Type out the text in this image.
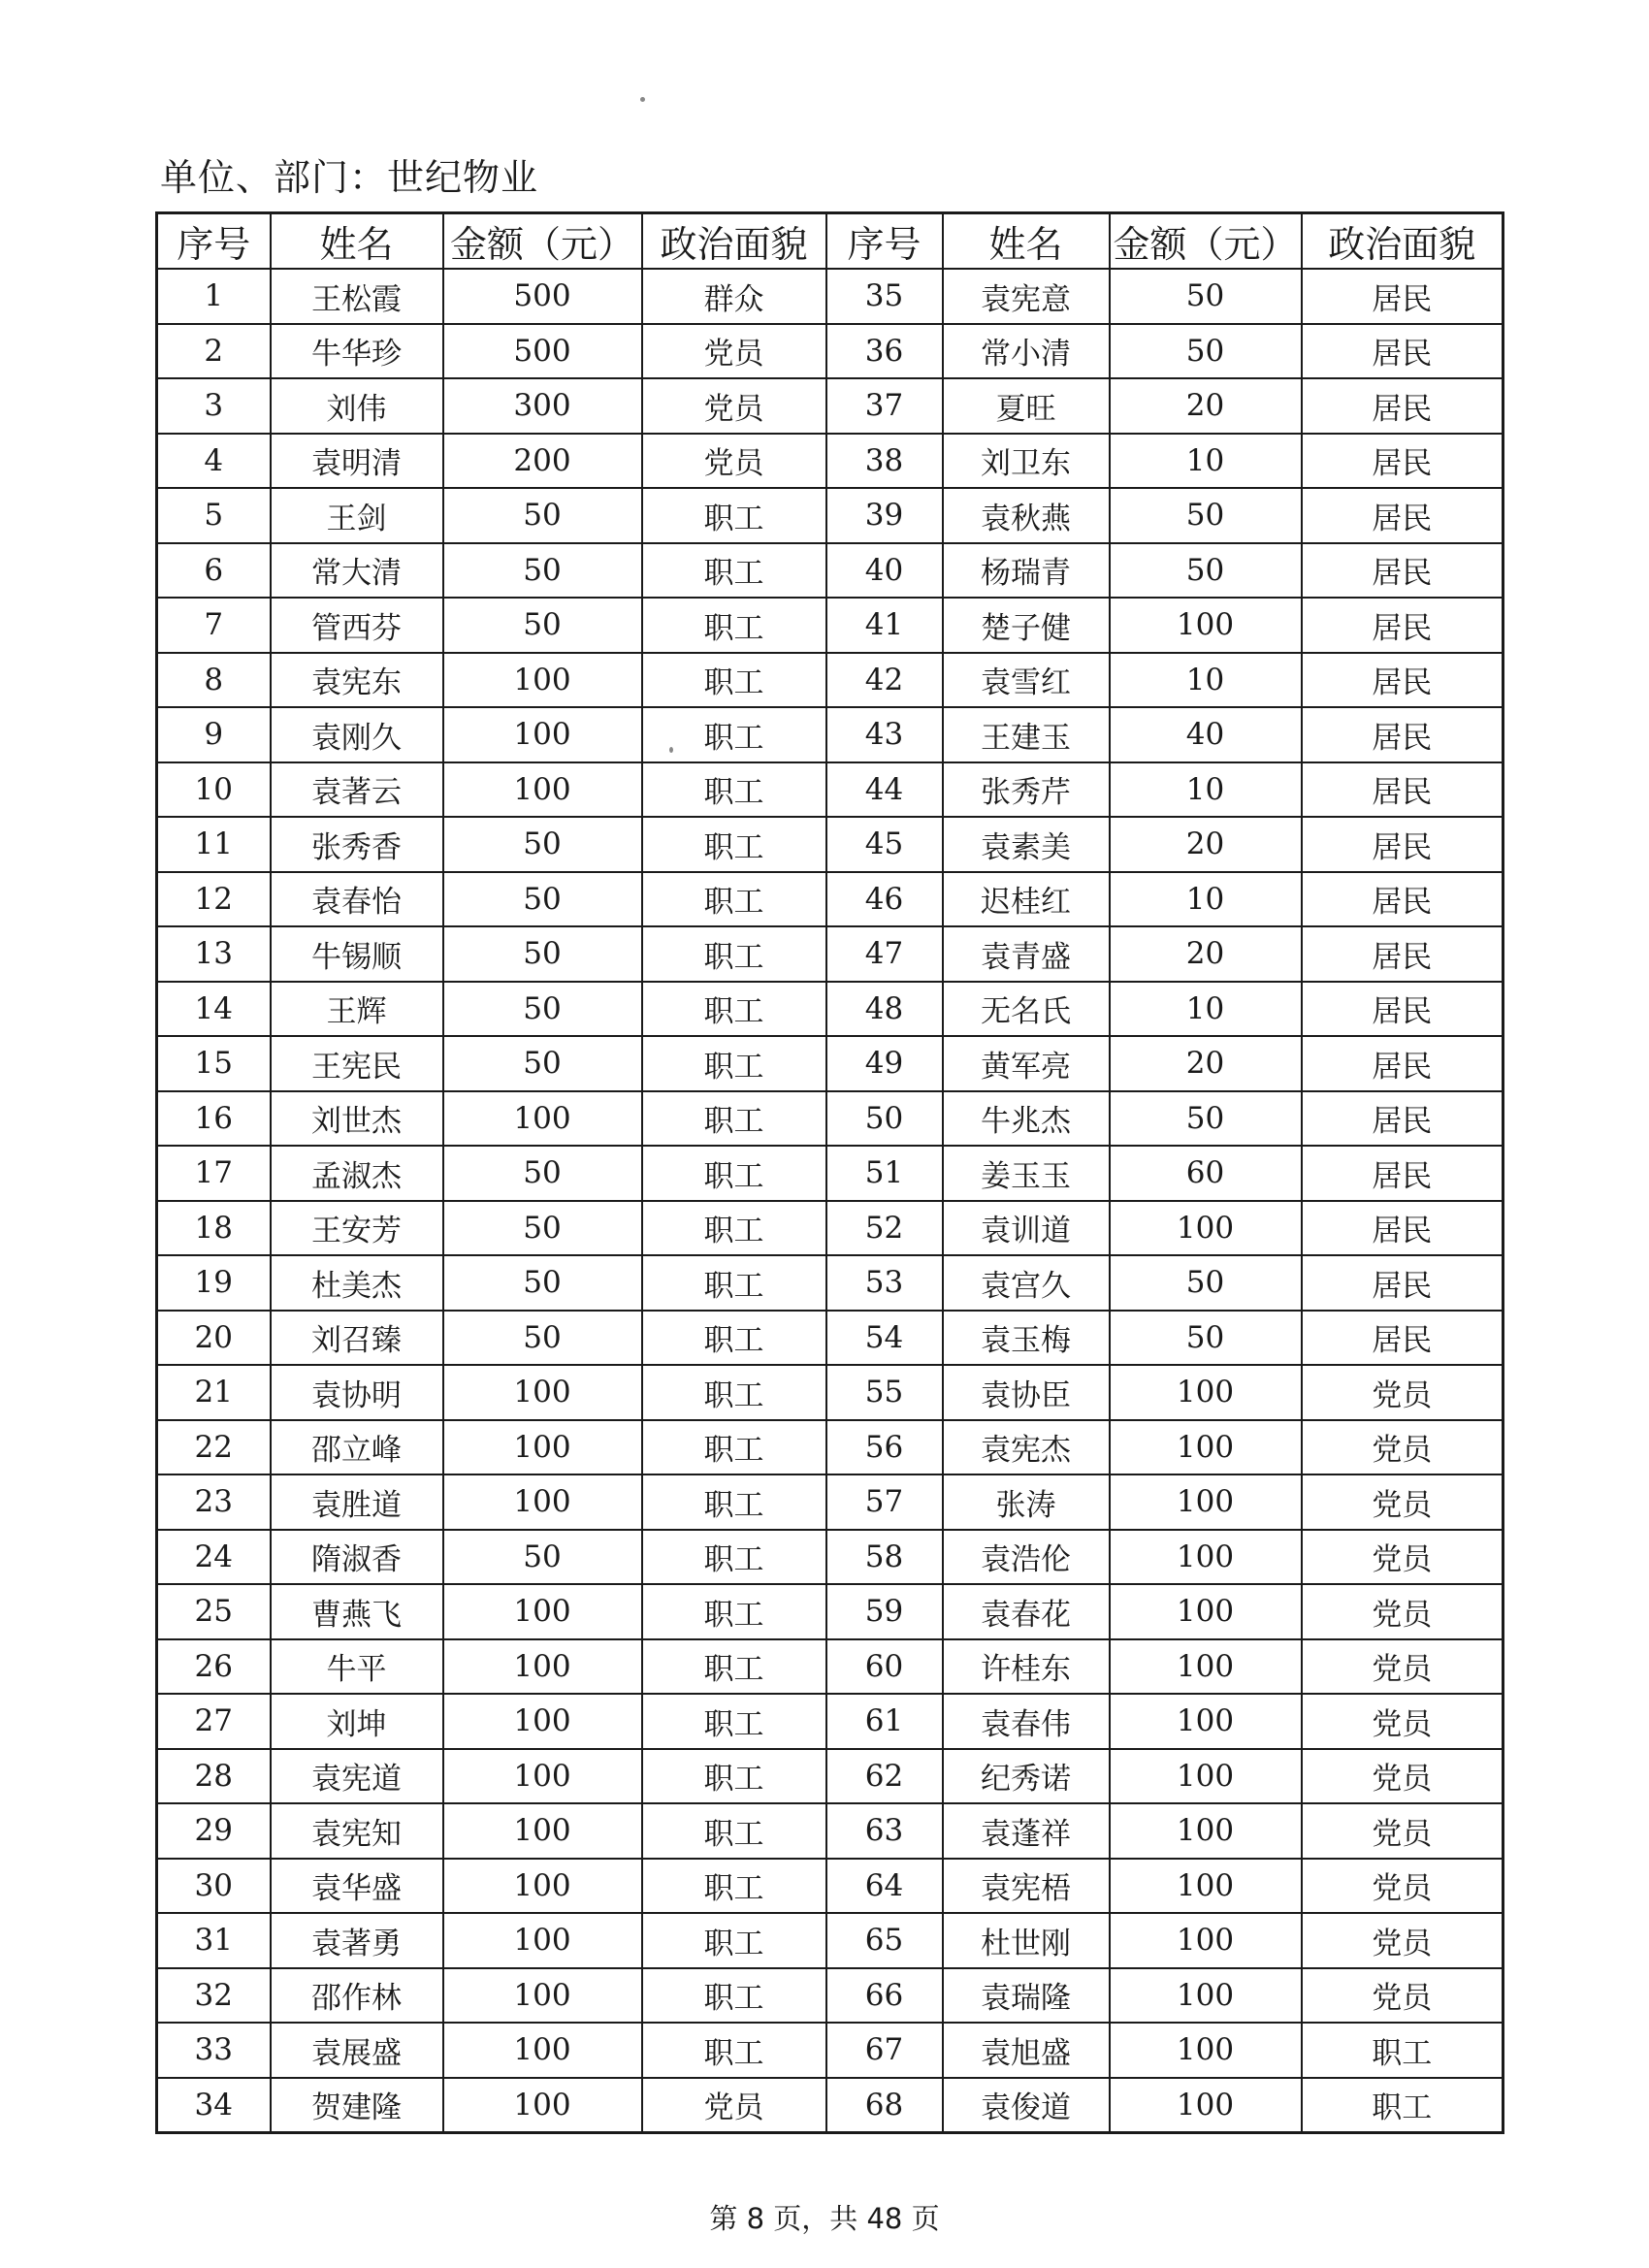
单位、部门：世纪物业
序号	姓名	金额（元）	政治面貌	序号	姓名	金额（元）	政治面貌
1	王松霞	500	群众	35	袁宪意	50	居民
2	牛华珍	500	党员	36	常小清	50	居民
3	刘伟	300	党员	37	夏旺	20	居民
4	袁明清	200	党员	38	刘卫东	10	居民
5	王剑	50	职工	39	袁秋燕	50	居民
6	常大清	50	职工	40	杨瑞青	50	居民
7	管西芬	50	职工	41	楚子健	100	居民
8	袁宪东	100	职工	42	袁雪红	10	居民
9	袁刚久	100	职工	43	王建玉	40	居民
10	袁著云	100	职工	44	张秀芹	10	居民
11	张秀香	50	职工	45	袁素美	20	居民
12	袁春怡	50	职工	46	迟桂红	10	居民
13	牛锡顺	50	职工	47	袁青盛	20	居民
14	王辉	50	职工	48	无名氏	10	居民
15	王宪民	50	职工	49	黄军亮	20	居民
16	刘世杰	100	职工	50	牛兆杰	50	居民
17	孟淑杰	50	职工	51	姜玉玉	60	居民
18	王安芳	50	职工	52	袁训道	100	居民
19	杜美杰	50	职工	53	袁宫久	50	居民
20	刘召臻	50	职工	54	袁玉梅	50	居民
21	袁协明	100	职工	55	袁协臣	100	党员
22	邵立峰	100	职工	56	袁宪杰	100	党员
23	袁胜道	100	职工	57	张涛	100	党员
24	隋淑香	50	职工	58	袁浩伦	100	党员
25	曹燕飞	100	职工	59	袁春花	100	党员
26	牛平	100	职工	60	许桂东	100	党员
27	刘坤	100	职工	61	袁春伟	100	党员
28	袁宪道	100	职工	62	纪秀诺	100	党员
29	袁宪知	100	职工	63	袁蓬祥	100	党员
30	袁华盛	100	职工	64	袁宪梧	100	党员
31	袁著勇	100	职工	65	杜世刚	100	党员
32	邵作林	100	职工	66	袁瑞隆	100	党员
33	袁展盛	100	职工	67	袁旭盛	100	职工
34	贺建隆	100	党员	68	袁俊道	100	职工
第 8 页，共 48 页
